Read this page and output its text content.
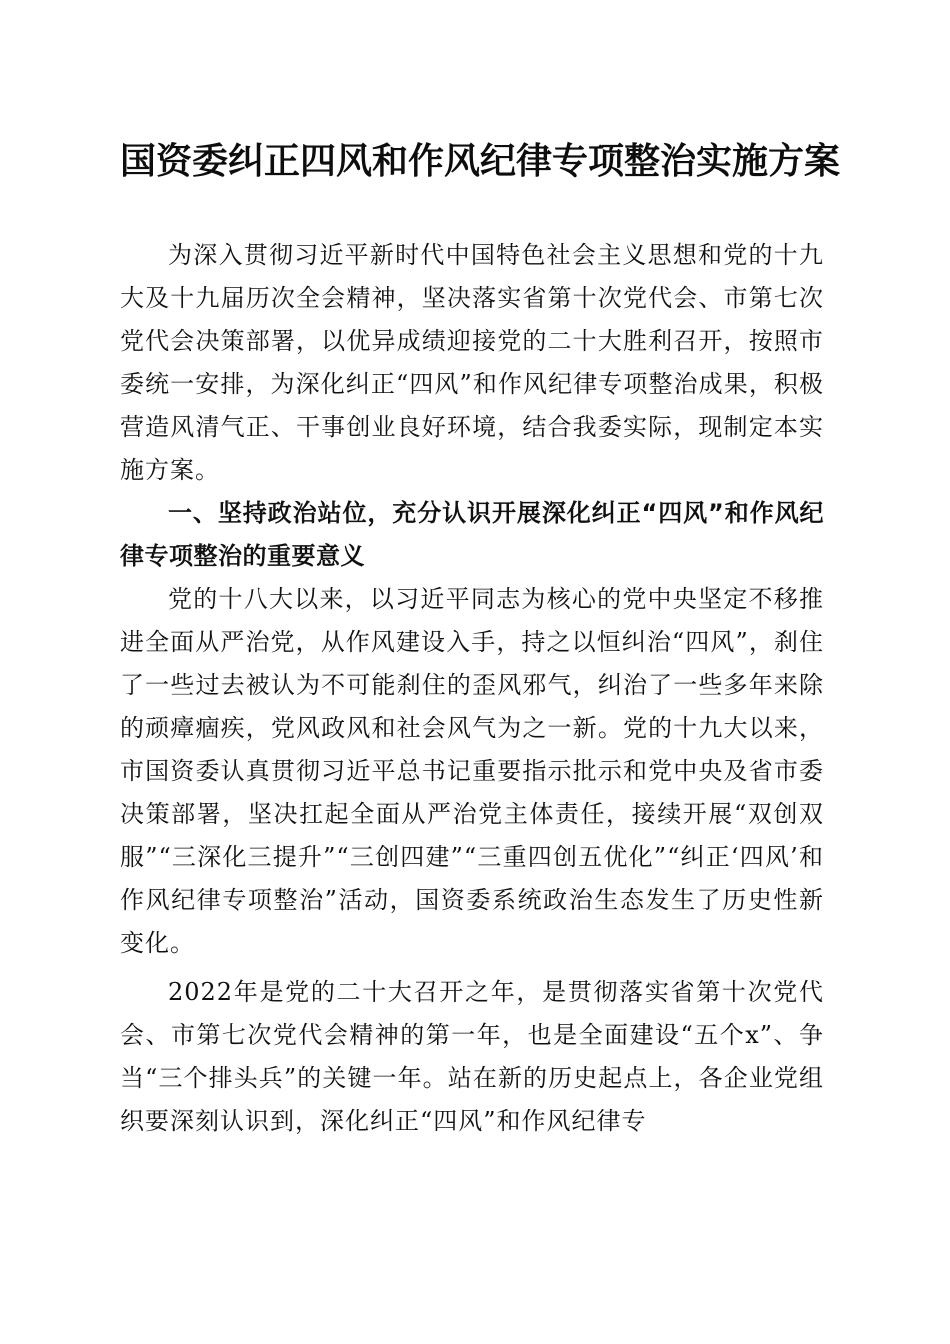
国资委纠正四风和作风纪律专项整治实施方案

为深入贯彻习近平新时代中国特色社会主义思想和党的十九大及十九届历次全会精神，坚决落实省第十次党代会、市第七次党代会决策部署，以优异成绩迎接党的二十大胜利召开，按照市委统一安排，为深化纠正“四风”和作风纪律专项整治成果，积极营造风清气正、干事创业良好环境，结合我委实际，现制定本实施方案。

一、坚持政治站位，充分认识开展深化纠正“四风”和作风纪律专项整治的重要意义

党的十八大以来，以习近平同志为核心的党中央坚定不移推进全面从严治党，从作风建设入手，持之以恒纠治“四风”，刹住了一些过去被认为不可能刹住的歪风邪气，纠治了一些多年来除的顽瘴痼疾，党风政风和社会风气为之一新。党的十九大以来，市国资委认真贯彻习近平总书记重要指示批示和党中央及省市委决策部署，坚决扛起全面从严治党主体责任，接续开展“双创双服”“三深化三提升”“三创四建”“三重四创五优化”“纠正‘四风’和作风纪律专项整治”活动，国资委系统政治生态发生了历史性新变化。

2022年是党的二十大召开之年，是贯彻落实省第十次党代会、市第七次党代会精神的第一年，也是全面建设“五个x”、争当“三个排头兵”的关键一年。站在新的历史起点上，各企业党组织要深刻认识到，深化纠正“四风”和作风纪律专
